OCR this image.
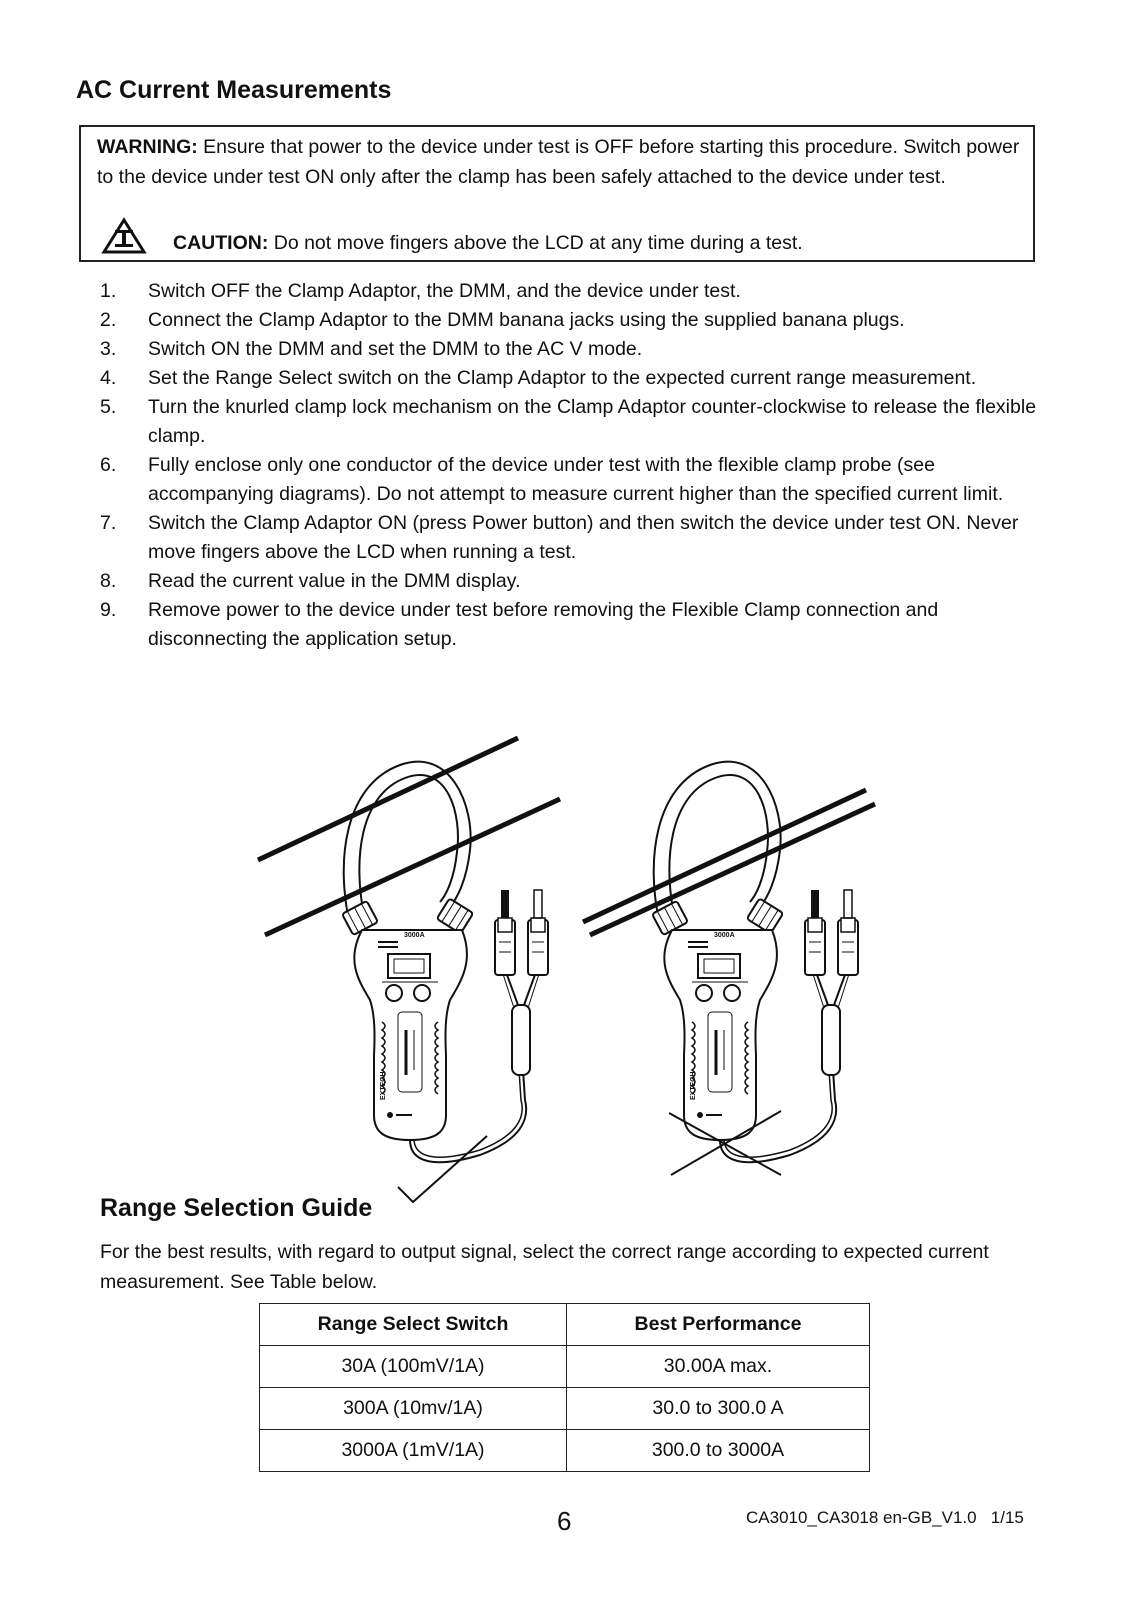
AC Current Measurements
WARNING: Ensure that power to the device under test is OFF before starting this procedure. Switch power to the device under test ON only after the clamp has been safely attached to the device under test.
CAUTION: Do not move fingers above the LCD at any time during a test.
1. Switch OFF the Clamp Adaptor, the DMM, and the device under test.
2. Connect the Clamp Adaptor to the DMM banana jacks using the supplied banana plugs.
3. Switch ON the DMM and set the DMM to the AC V mode.
4. Set the Range Select switch on the Clamp Adaptor to the expected current range measurement.
5. Turn the knurled clamp lock mechanism on the Clamp Adaptor counter-clockwise to release the flexible clamp.
6. Fully enclose only one conductor of the device under test with the flexible clamp probe (see accompanying diagrams). Do not attempt to measure current higher than the specified current limit.
7. Switch the Clamp Adaptor ON (press Power button) and then switch the device under test ON. Never move fingers above the LCD when running a test.
8. Read the current value in the DMM display.
9. Remove power to the device under test before removing the Flexible Clamp connection and disconnecting the application setup.
3000A
EXTECH
3000A
EXTECH
Range Selection Guide
For the best results, with regard to output signal, select the correct range according to expected current measurement. See Table below.
Range Select Switch	Best Performance
30A (100mV/1A)	30.00A max.
300A (10mv/1A)	30.0 to 300.0 A
3000A (1mV/1A)	300.0 to 3000A
6	CA3010_CA3018 en-GB_V1.0   1/15
